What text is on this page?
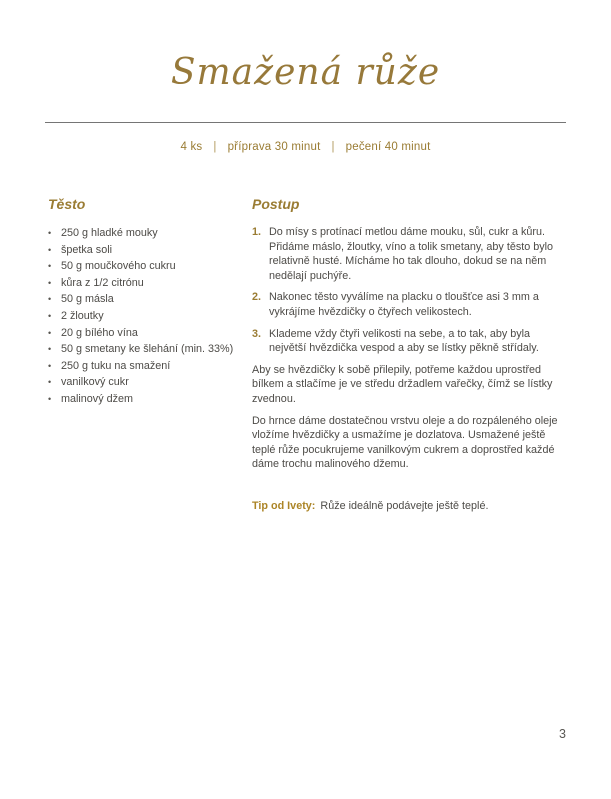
Smažená růže
4 ks | příprava 30 minut | pečení 40 minut
Těsto
• 250 g hladké mouky
• špetka soli
• 50 g moučkového cukru
• kůra z 1/2 citrónu
• 50 g másla
• 2 žloutky
• 20 g bílého vína
• 50 g smetany ke šlehání (min. 33%)
• 250 g tuku na smažení
• vanilkový cukr
• malinový džem
Postup
1. Do mísy s protínací metlou dáme mouku, sůl, cukr a kůru. Přidáme máslo, žloutky, víno a tolik smetany, aby těsto bylo relativně husté. Mícháme ho tak dlouho, dokud se na něm nedělají puchýře.
2. Nakonec těsto vyválíme na placku o tloušťce asi 3 mm a vykrájíme hvězdičky o čtyřech velikostech.
3. Klademe vždy čtyři velikosti na sebe, a to tak, aby byla největší hvězdička vespod a aby se lístky pěkně střídaly.

Aby se hvězdičky k sobě přilepily, potřeme každou uprostřed bílkem a stlačíme je ve středu držadlem vařečky, čímž se lístky zvednou.

Do hrnce dáme dostatečnou vrstvu oleje a do rozpáleného oleje vložíme hvězdičky a usmažíme je dozlatova. Usmažené ještě teplé růže pocukrujeme vanilkovým cukrem a doprostřed každé dáme trochu malinového džemu.

Tip od Ivety: Růže ideálně podávejte ještě teplé.

3
